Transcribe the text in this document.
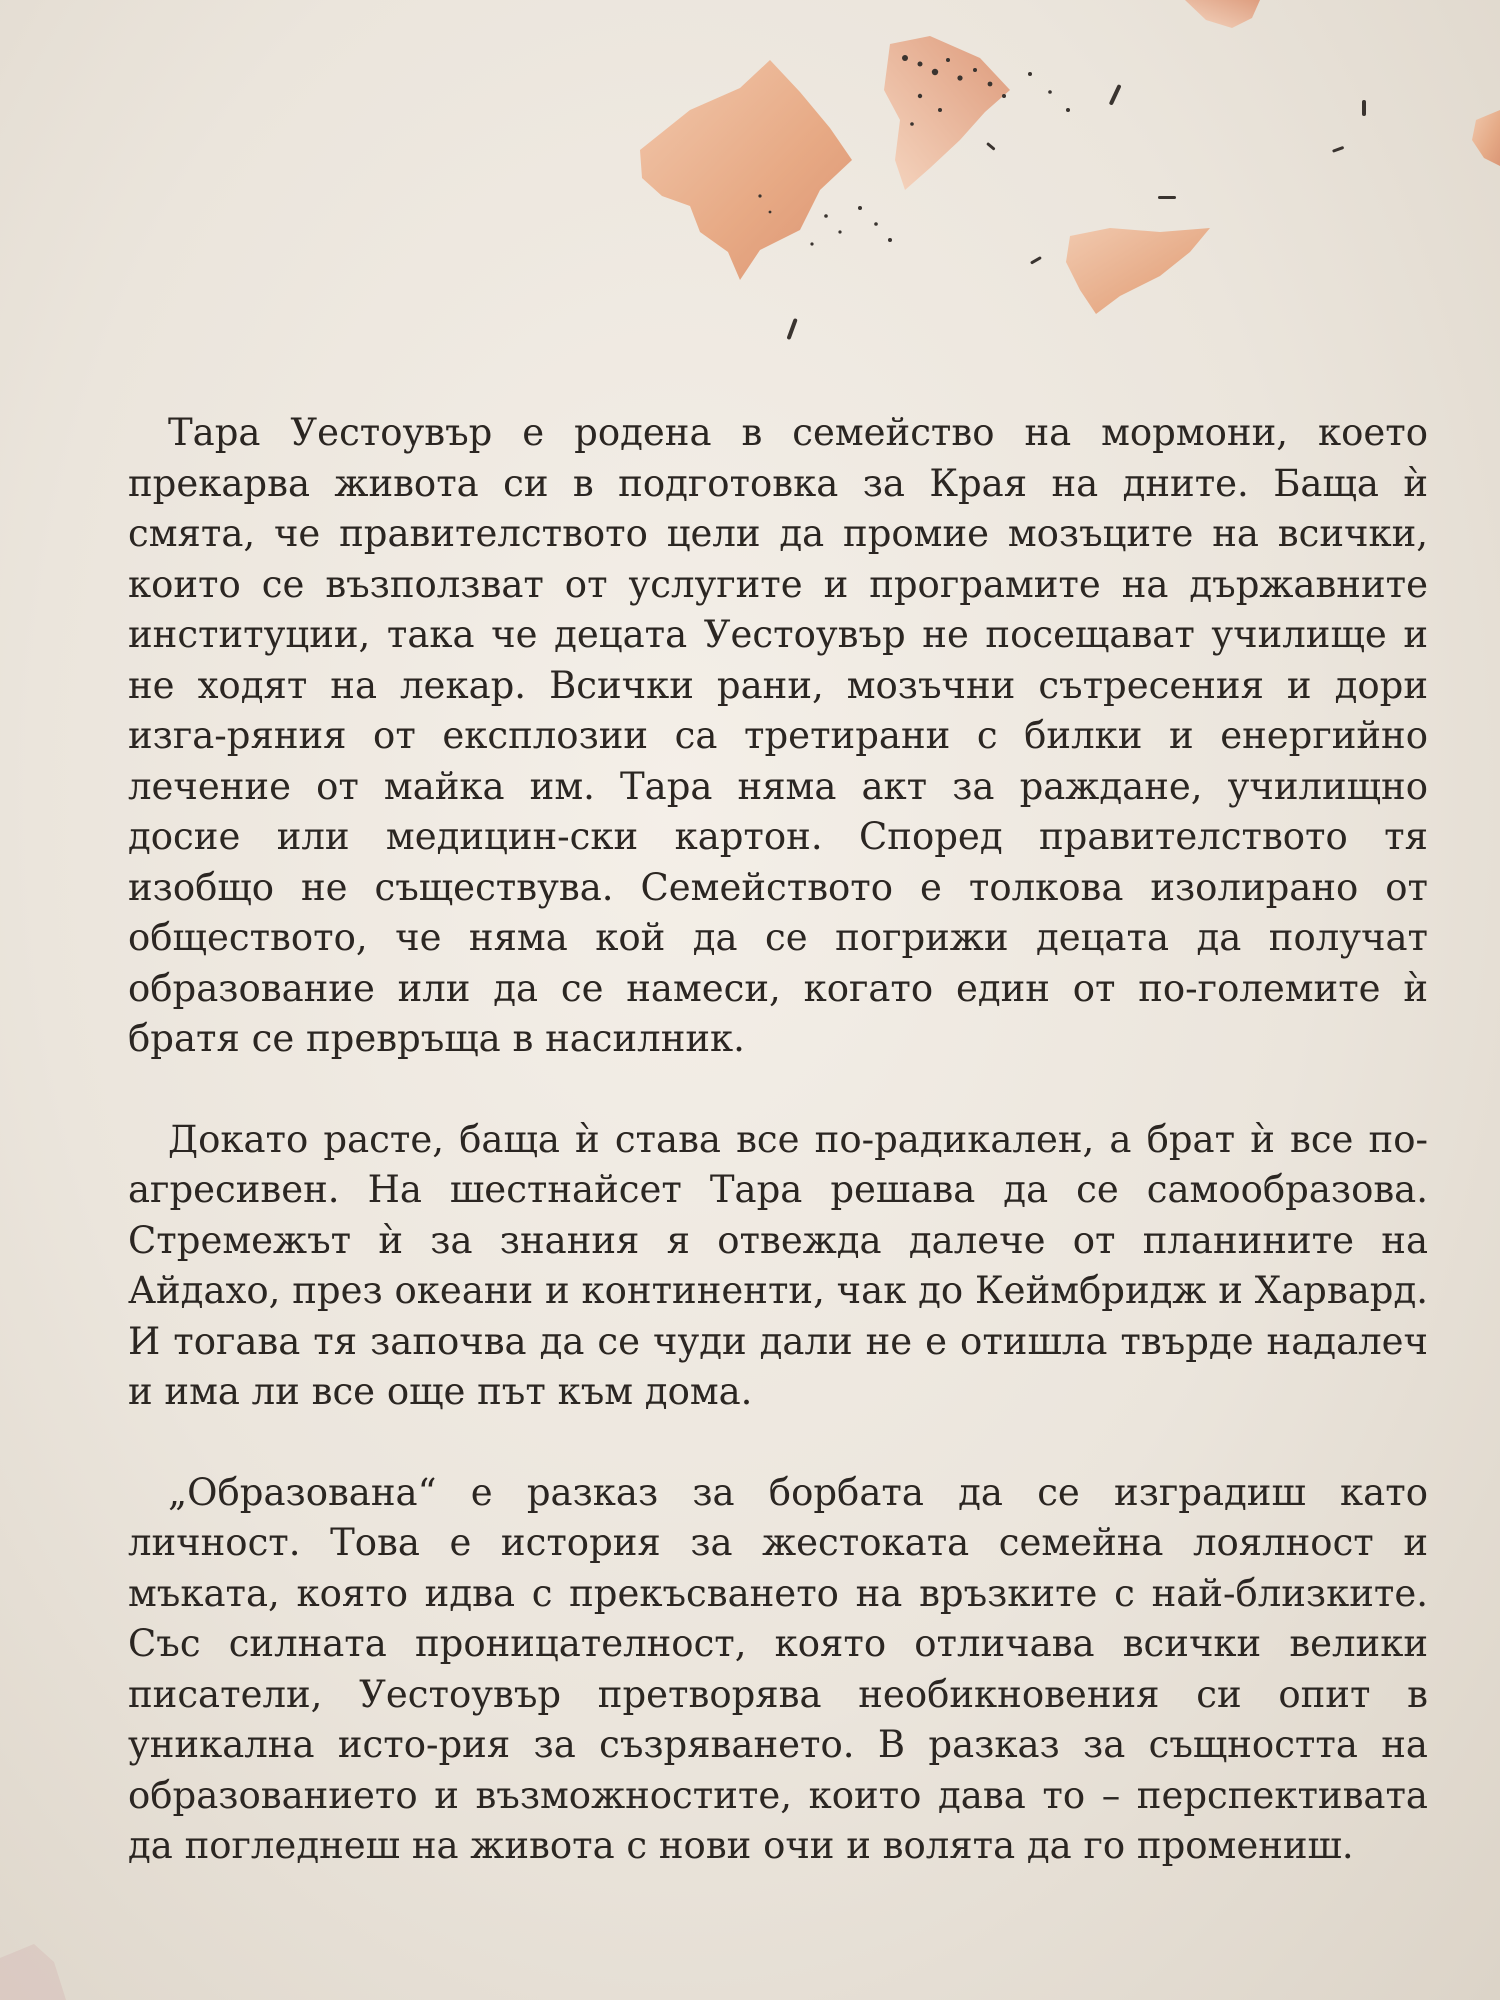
Тара Уестоувър е родена в семейство на мормони, което прекарва живота си в подготовка за Края на дните. Баща ѝ смята, че правителството цели да промие мозъците на всички, които се възползват от услугите и програмите на държавните институции, така че децата Уестоувър не посещават училище и не ходят на лекар. Всички рани, мозъчни сътресения и дори изга-ряния от експлозии са третирани с билки и енергийно лечение от майка им. Тара няма акт за раждане, училищно досие или медицин-ски картон. Според правителството тя изобщо не съществува. Семейството е толкова изолирано от обществото, че няма кой да се погрижи децата да получат образование или да се намеси, когато един от по-големите ѝ братя се превръща в насилник.

Докато расте, баща ѝ става все по-радикален, а брат ѝ все по-агресивен. На шестнайсет Тара решава да се самообразова. Стремежът ѝ за знания я отвежда далече от планините на Айдахо, през океани и континенти, чак до Кеймбридж и Харвард. И тогава тя започва да се чуди дали не е отишла твърде надалеч и има ли все още път към дома.

„Образована“ е разказ за борбата да се изградиш като личност. Това е история за жестоката семейна лоялност и мъката, която идва с прекъсването на връзките с най-близките. Със силната проницателност, която отличава всички велики писатели, Уестоувър претворява необикновения си опит в уникална исто-рия за съзряването. В разказ за същността на образованието и възможностите, които дава то – перспективата да погледнеш на живота с нови очи и волята да го промениш.
